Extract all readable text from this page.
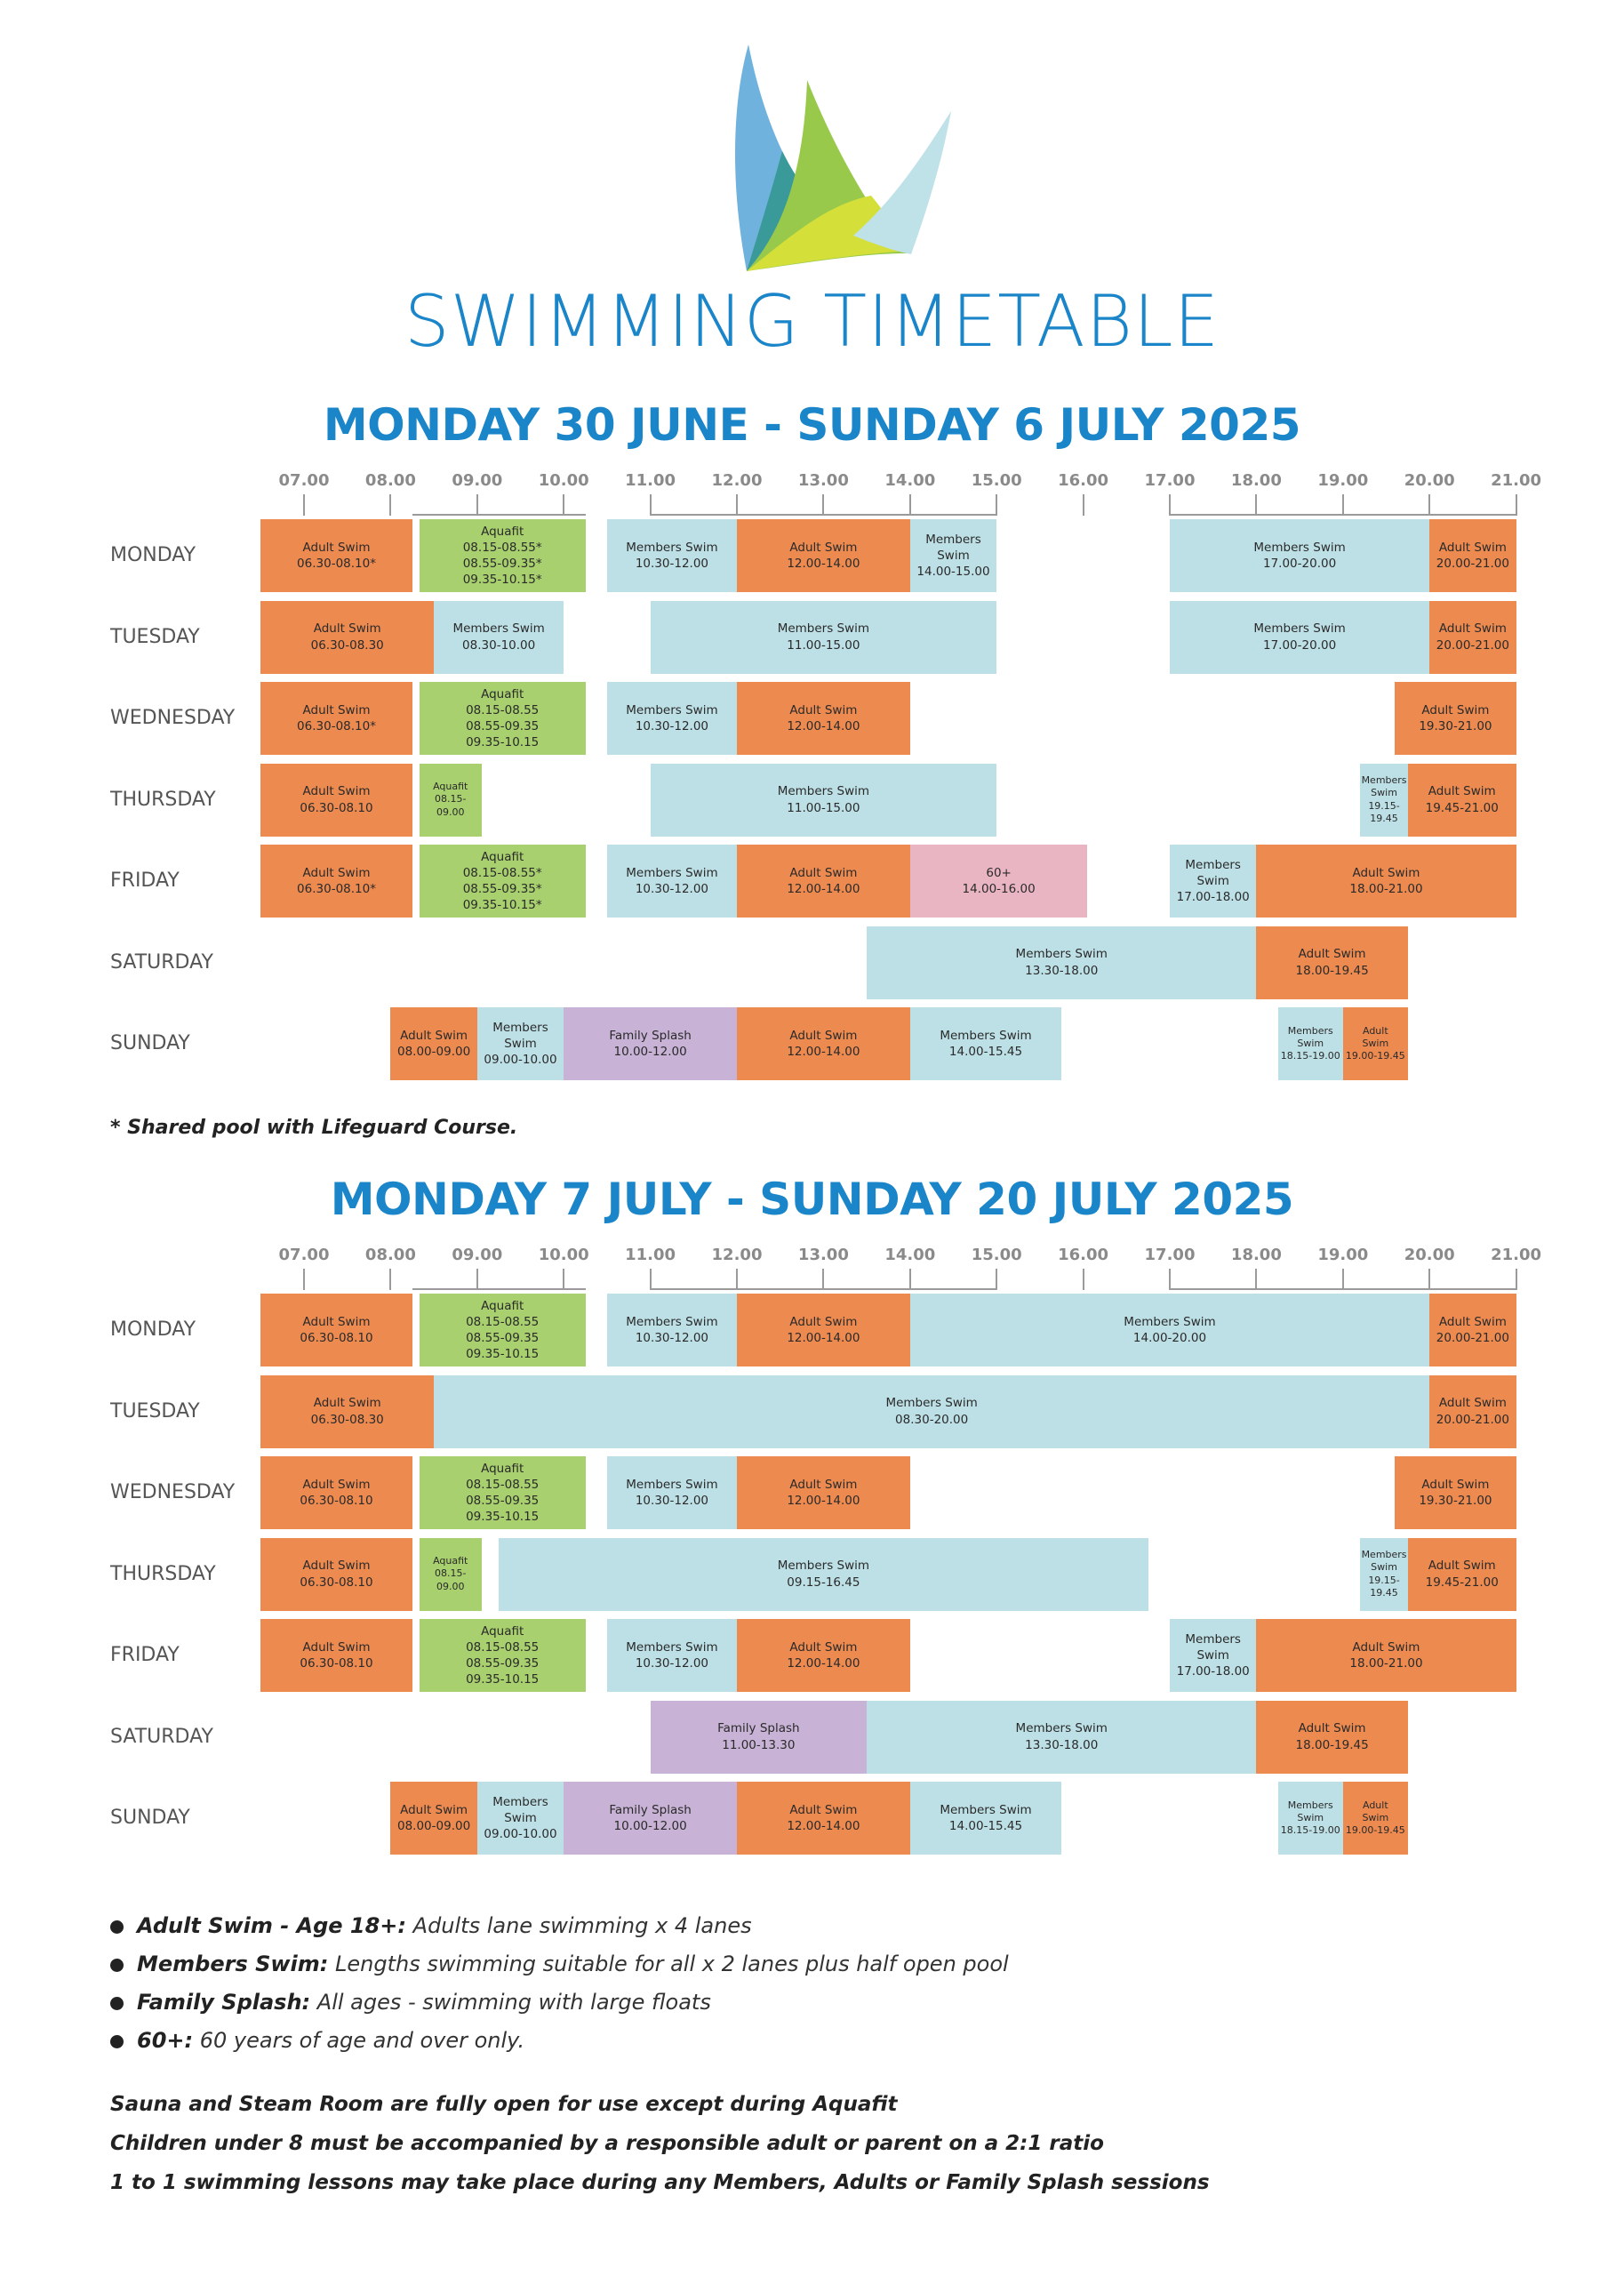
SWIMMING TIMETABLE
MONDAY 30 JUNE - SUNDAY 6 JULY 2025
07.00	08.00	09.00	10.00	11.00	12.00	13.00	14.00	15.00	16.00	17.00	18.00	19.00	20.00	21.00
MONDAY	Adult Swim
06.30-08.10*
Aquafit
08.15-08.55*
08.55-09.35*
09.35-10.15*
Members Swim
10.30-12.00
Adult Swim
12.00-14.00
Members
Swim
14.00-15.00
Members Swim
17.00-20.00
Adult Swim
20.00-21.00
TUESDAY	Adult Swim
06.30-08.30
Members Swim
08.30-10.00
Members Swim
11.00-15.00
Members Swim
17.00-20.00
Adult Swim
20.00-21.00
WEDNESDAY	Adult Swim
06.30-08.10*
Aquafit
08.15-08.55
08.55-09.35
09.35-10.15
Members Swim
10.30-12.00
Adult Swim
12.00-14.00
Adult Swim
19.30-21.00
THURSDAY	Adult Swim
06.30-08.10
Aquafit
08.15-
09.00
Members Swim
11.00-15.00
Members
Swim
19.15-
19.45
Adult Swim
19.45-21.00
FRIDAY	Adult Swim
06.30-08.10*
Aquafit
08.15-08.55*
08.55-09.35*
09.35-10.15*
Members Swim
10.30-12.00
Adult Swim
12.00-14.00
60+
14.00-16.00
Members
Swim
17.00-18.00
Adult Swim
18.00-21.00
SATURDAY	Members Swim
13.30-18.00
Adult Swim
18.00-19.45
SUNDAY	Adult Swim
08.00-09.00
Members
Swim
09.00-10.00
Family Splash
10.00-12.00
Adult Swim
12.00-14.00
Members Swim
14.00-15.45
Members
Swim
18.15-19.00
Adult
Swim
19.00-19.45
MONDAY 7 JULY - SUNDAY 20 JULY 2025
07.00	08.00	09.00	10.00	11.00	12.00	13.00	14.00	15.00	16.00	17.00	18.00	19.00	20.00	21.00
MONDAY	Adult Swim
06.30-08.10
Aquafit
08.15-08.55
08.55-09.35
09.35-10.15
Members Swim
10.30-12.00
Adult Swim
12.00-14.00
Members Swim
14.00-20.00
Adult Swim
20.00-21.00
TUESDAY	Adult Swim
06.30-08.30
Members Swim
08.30-20.00
Adult Swim
20.00-21.00
WEDNESDAY	Adult Swim
06.30-08.10
Aquafit
08.15-08.55
08.55-09.35
09.35-10.15
Members Swim
10.30-12.00
Adult Swim
12.00-14.00
Adult Swim
19.30-21.00
THURSDAY	Adult Swim
06.30-08.10
Aquafit
08.15-
09.00
Members Swim
09.15-16.45
Members
Swim
19.15-
19.45
Adult Swim
19.45-21.00
FRIDAY	Adult Swim
06.30-08.10
Aquafit
08.15-08.55
08.55-09.35
09.35-10.15
Members Swim
10.30-12.00
Adult Swim
12.00-14.00
Members
Swim
17.00-18.00
Adult Swim
18.00-21.00
SATURDAY	Family Splash
11.00-13.30
Members Swim
13.30-18.00
Adult Swim
18.00-19.45
SUNDAY	Adult Swim
08.00-09.00
Members
Swim
09.00-10.00
Family Splash
10.00-12.00
Adult Swim
12.00-14.00
Members Swim
14.00-15.45
Members
Swim
18.15-19.00
Adult
Swim
19.00-19.45
* Shared pool with Lifeguard Course.
Adult Swim - Age 18+: Adults lane swimming x 4 lanes
Members Swim: Lengths swimming suitable for all x 2 lanes plus half open pool
Family Splash: All ages - swimming with large floats
60+: 60 years of age and over only.
Sauna and Steam Room are fully open for use except during Aquafit
Children under 8 must be accompanied by a responsible adult or parent on a 2:1 ratio
1 to 1 swimming lessons may take place during any Members, Adults or Family Splash sessions
